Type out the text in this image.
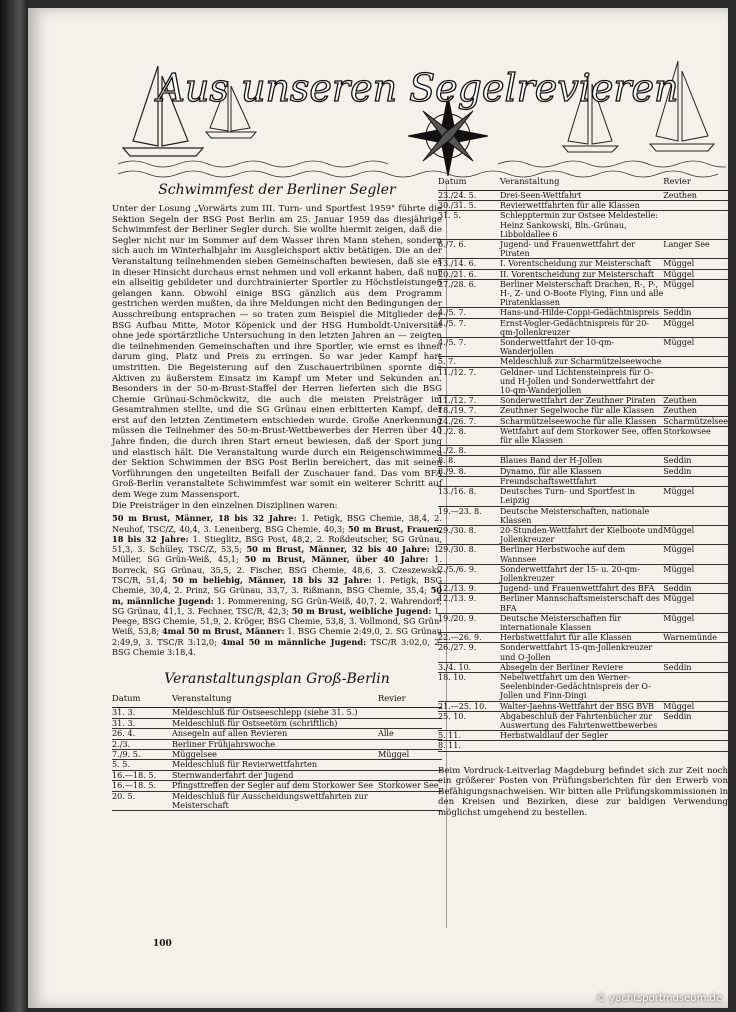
Aus unseren Segelrevieren
Schwimmfest der Berliner Segler

Unter der Losung „Vorwärts zum III. Turn- und Sportfest 1959" führte die Sektion Segeln der BSG Post Berlin am 25. Januar 1959 das diesjährige Schwimmfest der Berliner Segler durch. Sie wollte hiermit zeigen, daß die Segler nicht nur im Sommer auf dem Wasser ihren Mann stehen, sondern sich auch im Winterhalbjahr im Ausgleichsport aktiv betätigen. Die an der Veranstaltung teilnehmenden sieben Gemeinschaften bewiesen, daß sie es in dieser Hinsicht durchaus ernst nehmen und voll erkannt haben, daß nur ein allseitig gebildeter und durchtrainierter Sportler zu Höchstleistungen gelangen kann. Obwohl einige BSG gänzlich aus dem Programm gestrichen werden mußten, da ihre Meldungen nicht den Bedingungen der Ausschreibung entsprachen — so traten zum Beispiel die Mitglieder der BSG Aufbau Mitte, Motor Köpenick und der HSG Humboldt-Universität ohne jede sportärztliche Untersuchung in den letzten Jahren an — zeigten die teilnehmenden Gemeinschaften und ihre Sportler, wie ernst es ihnen darum ging, Platz und Preis zu erringen. So war jeder Kampf hart umstritten. Die Begeisterung auf den Zuschauertribünen spornte die Aktiven zu äußerstem Einsatz im Kampf um Meter und Sekunden an. Besonders in der 50-m-Brust-Staffel der Herren lieferten sich die BSG Chemie Grünau-Schmöckwitz, die auch die meisten Preisträger im Gesamtrahmen stellte, und die SG Grünau einen erbitterten Kampf, der erst auf den letzten Zentimetern entschieden wurde. Große Anerkennung müssen die Teilnehmer des 50-m-Brust-Wettbewerbes der Herren über 40 Jahre finden, die durch ihren Start erneut bewiesen, daß der Sport jung und elastisch hält. Die Veranstaltung wurde durch ein Reigenschwimmen der Sektion Schwimmen der BSG Post Berlin bereichert, das mit seinen Vorführungen den ungeteilten Beifall der Zuschauer fand. Das vom BFA Groß-Berlin veranstaltete Schwimmfest war somit ein weiterer Schritt auf dem Wege zum Massensport.

Die Preisträger in den einzelnen Disziplinen waren:

50 m Brust, Männer, 18 bis 32 Jahre: 1. Petigk, BSG Chemie, 38,4, 2. Neuhof, TSC/Z, 40,4, 3. Lenenberg, BSG Chemie, 40,3; 50 m Brust, Frauen, 18 bis 32 Jahre: 1. Stieglitz, BSG Post, 48,2, 2. Roßdeutscher, SG Grünau, 51,3, 3. Schüley, TSC/Z, 53,5; 50 m Brust, Männer, 32 bis 40 Jahre: 1. Müller, SG Grün-Weiß, 45,1; 50 m Brust, Männer, über 40 Jahre: 1. Borreck, SG Grünau, 35,5, 2. Fischer, BSG Chemie, 48,6, 3. Czeszewski, TSC/R, 51,4; 50 m beliebig, Männer, 18 bis 32 Jahre: 1. Petigk, BSG Chemie, 30,4, 2. Prinz, SG Grünau, 33,7, 3. Rißmann, BSG Chemie, 35,4; 50 m, männliche Jugend: 1. Pommerening, SG Grün-Weiß, 40,7, 2. Wahrendorf, SG Grünau, 41,1, 3. Fechner, TSC/R, 42,3; 50 m Brust, weibliche Jugend: 1. Peege, BSG Chemie, 51,9, 2. Kröger, BSG Chemie, 53,8, 3. Vollmond, SG Grün-Weiß, 53,8; 4mal 50 m Brust, Männer: 1. BSG Chemie 2:49,0, 2. SG Grünau 2:49,9, 3. TSC/R 3:12,0; 4mal 50 m männliche Jugend: TSC/R 3:02,0, 2. BSG Chemie 3:18,4.
Veranstaltungsplan Groß-Berlin
Datum	Veranstaltung	Revier
31. 3.	Meldeschluß für Ostseeschlepp (siehe 31. 5.)	
31. 3.	Meldeschluß für Ostseetörn (schriftlich)	
26. 4.	Ansegeln auf allen Revieren	Alle
2./3.	Berliner Frühjahrswoche	
7./9. 5.	Müggelsee	Müggel
5. 5.	Meldeschluß für Revierwettfahrten	
16.—18. 5.	Sternwanderfahrt der Jugend	
16.—18. 5.	Pfingsttreffen der Segler auf dem Storkower See	Storkower See
20. 5.	Meldeschluß für Ausscheidungswettfahrten zur Meisterschaft	
Datum	Veranstaltung	Revier
23./24. 5.	Drei-Seen-Wettfahrt	Zeuthen
30./31. 5.	Revierwettfahrten für alle Klassen	
31. 5.	Schlepptermin zur Ostsee Meldestelle: Heinz Sankowski, Bln.-Grünau, Libboldallee 6	
6./7. 6.	Jugend- und Frauenwettfahrt der Piraten	Langer See
13./14. 6.	I. Vorentscheidung zur Meisterschaft	Müggel
20./21. 6.	II. Vorentscheidung zur Meisterschaft	Müggel
27./28. 6.	Berliner Meisterschaft Drachen, R-, P-, H-, Z- und O-Boote Flying, Finn und alle Piratenklassen	Müggel
4./5. 7.	Hans-und-Hilde-Coppi-Gedächtnispreis	Seddin
4./5. 7.	Ernst-Vogler-Gedächtnispreis für 20-qm-Jollenkreuzer	Müggel
4./5. 7.	Sonderwettfahrt der 10-qm-Wanderjollen	Müggel
5. 7.	Meldeschluß zur Scharmützelseewoche	
11./12. 7.	Geldner- und Lichtensteinpreis für O- und H-Jollen und Sonderwettfahrt der 10-qm-Wanderjollen	
11./12. 7.	Sonderwettfahrt der Zeuthner Piraten	Zeuthen
18./19. 7.	Zeuthner Segelwoche für alle Klassen	Zeuthen
24./26. 7.	Scharmützelseewoche für alle Klassen	Scharmützelsee
1./2. 8.	Wettfahrt auf dem Storkower See, offen für alle Klassen	Storkowsee
1./2. 8.		
8. 8.	Blaues Band der H-Jollen	Seddin
8./9. 8.	Dynamo, für alle Klassen	Seddin
	Freundschaftswettfahrt	
13./16. 8.	Deutsches Turn- und Sportfest in Leipzig	Müggel
19.—23. 8.	Deutsche Meisterschaften, nationale Klassen	
29./30. 8.	20-Stunden-Wettfahrt der Kielboote und Jollenkreuzer	Müggel
29./30. 8.	Berliner Herbstwoche auf dem Wannsee	Müggel
2./5./6. 9.	Sonderwettfahrt der 15- u. 20-qm-Jollenkreuzer	Müggel
12./13. 9.	Jugend- und Frauenwettfahrt des BFA	Seddin
12./13. 9.	Berliner Mannschaftsmeisterschaft des BFA	Müggel
19./20. 9.	Deutsche Meisterschaften für internationale Klassen	Müggel
22.—26. 9.	Herbstwettfahrt für alle Klassen	Warnemünde
26./27. 9.	Sonderwettfahrt 15-qm-Jollenkreuzer und O-Jollen	
3./4. 10.	Absegeln der Berliner Reviere	Seddin
18. 10.	Nebelwettfahrt um den Werner-Seelenbinder-Gedächtnispreis der O-Jollen und Finn-Dingi	
21.—25. 10.	Walter-Jaehns-Wettfahrt der BSG BVB	Müggel
25. 10.	Abgabeschluß der Fahrtenbücher zur Auswertung des Fahrtenwettbewerbes	Seddin
5. 11.	Herbstwaldlauf der Segler	
8. 11.		
Beim Vordruck-Leitverlag Magdeburg befindet sich zur Zeit noch ein größerer Posten von Prüfungsberichten für den Erwerb von Befähigungsnachweisen. Wir bitten alle Prüfungskommissionen in den Kreisen und Bezirken, diese zur baldigen Verwendung möglichst umgehend zu bestellen.
100
© yachtsportmuseum.de
